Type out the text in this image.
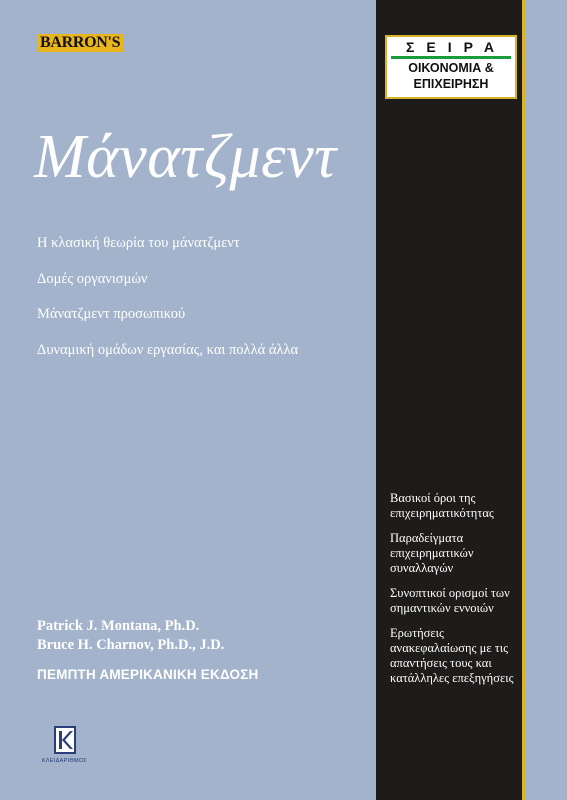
BARRON'S	ΣΕΙΡΑ
ΟΙΚΟΝΟΜΙΑ &
ΕΠΙΧΕΙΡΗΣΗ
Μάνατζμεντ
Η κλασική θεωρία του μάνατζμεντ
Δομές οργανισμών
Μάνατζμεντ προσωπικού
Δυναμική ομάδων εργασίας, και πολλά άλλα
Βασικοί όροι της επιχειρηματικότητας
Παραδείγματα επιχειρηματικών συναλλαγών
Συνοπτικοί ορισμοί των σημαντικών εννοιών
Ερωτήσεις ανακεφαλαίωσης με τις απαντήσεις τους και κατάλληλες επεξηγήσεις
Patrick J. Montana, Ph.D.
Bruce H. Charnov, Ph.D., J.D.
ΠΕΜΠΤΗ ΑΜΕΡΙΚΑΝΙΚΗ ΕΚΔΟΣΗ
ΚΛΕΙΔΑΡΙΘΜΟΣ
